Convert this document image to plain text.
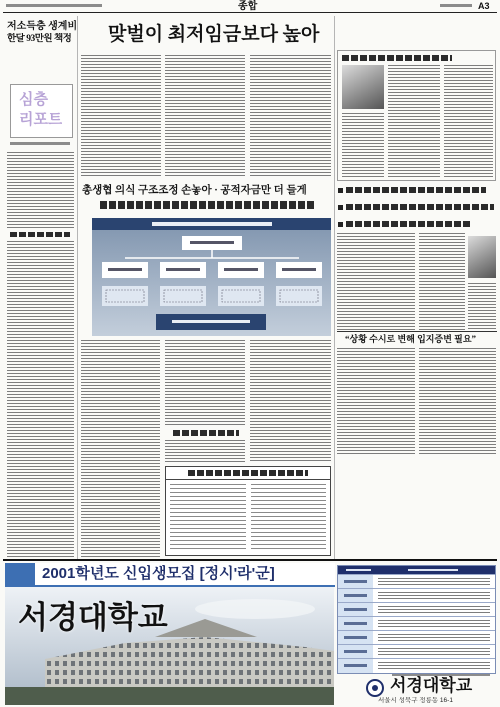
종합	A3
저소득층 생계비
한달 93만원 책정
심층
리포트
맞벌이 최저임금보다 높아
총생협 의식 구조조정 손놓아 · 공적자금만 더 들게
“상황 수시로 변해 입지증변 필요”
2001학년도 신입생모집 [정시'라'군]
서경대학교
서경대학교
서울시 성북구 정릉동 16-1
